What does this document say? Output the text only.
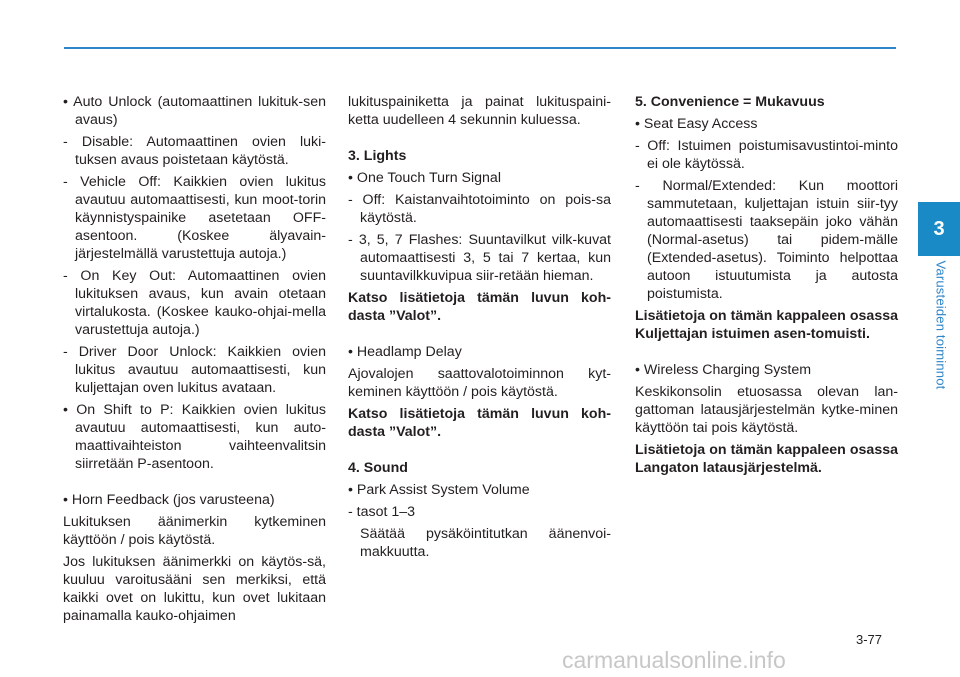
3
Varusteiden toiminnot
• Auto Unlock (automaattinen lukituk-sen avaus)
- Disable: Automaattinen ovien luki-tuksen avaus poistetaan käytöstä.
- Vehicle Off: Kaikkien ovien lukitus avautuu automaattisesti, kun moot-torin käynnistyspainike asetetaan OFF-asentoon. (Koskee älyavain-järjestelmällä varustettuja autoja.)
- On Key Out: Automaattinen ovien lukituksen avaus, kun avain otetaan virtalukosta. (Koskee kauko-ohjai-mella varustettuja autoja.)
- Driver Door Unlock: Kaikkien ovien lukitus avautuu automaattisesti, kun kuljettajan oven lukitus avataan.
• On Shift to P: Kaikkien ovien lukitus avautuu automaattisesti, kun auto-maattivaihteiston vaihteenvalitsin siirretään P-asentoon.
• Horn Feedback (jos varusteena)
Lukituksen äänimerkin kytkeminen käyttöön / pois käytöstä.
Jos lukituksen äänimerkki on käytös-sä, kuuluu varoitusääni sen merkiksi, että kaikki ovet on lukittu, kun ovet lukitaan painamalla kauko-ohjaimen
lukituspainiketta ja painat lukituspaini-ketta uudelleen 4 sekunnin kuluessa.
3. Lights
• One Touch Turn Signal
- Off: Kaistanvaihtotoiminto on pois-sa käytöstä.
- 3, 5, 7 Flashes: Suuntavilkut vilk-kuvat automaattisesti 3, 5 tai 7 kertaa, kun suuntavilkkuvipua siir-retään hieman.
Katso lisätietoja tämän luvun koh-dasta ”Valot”.
• Headlamp Delay
Ajovalojen saattovalotoiminnon kyt-keminen käyttöön / pois käytöstä.
Katso lisätietoja tämän luvun koh-dasta ”Valot”.
4. Sound
• Park Assist System Volume
- tasot 1–3
Säätää pysäköintitutkan äänenvoi-makkuutta.
5. Convenience = Mukavuus
• Seat Easy Access
- Off: Istuimen poistumisavustintoi-minto ei ole käytössä.
- Normal/Extended: Kun moottori sammutetaan, kuljettajan istuin siir-tyy automaattisesti taaksepäin joko vähän (Normal-asetus) tai pidem-mälle (Extended-asetus). Toiminto helpottaa autoon istuutumista ja autosta poistumista.
Lisätietoja on tämän kappaleen osassa Kuljettajan istuimen asen-tomuisti.
• Wireless Charging System
Keskikonsolin etuosassa olevan lan-gattoman latausjärjestelmän kytke-minen käyttöön tai pois käytöstä.
Lisätietoja on tämän kappaleen osassa Langaton latausjärjestelmä.
3-77
carmanualsonline.info
